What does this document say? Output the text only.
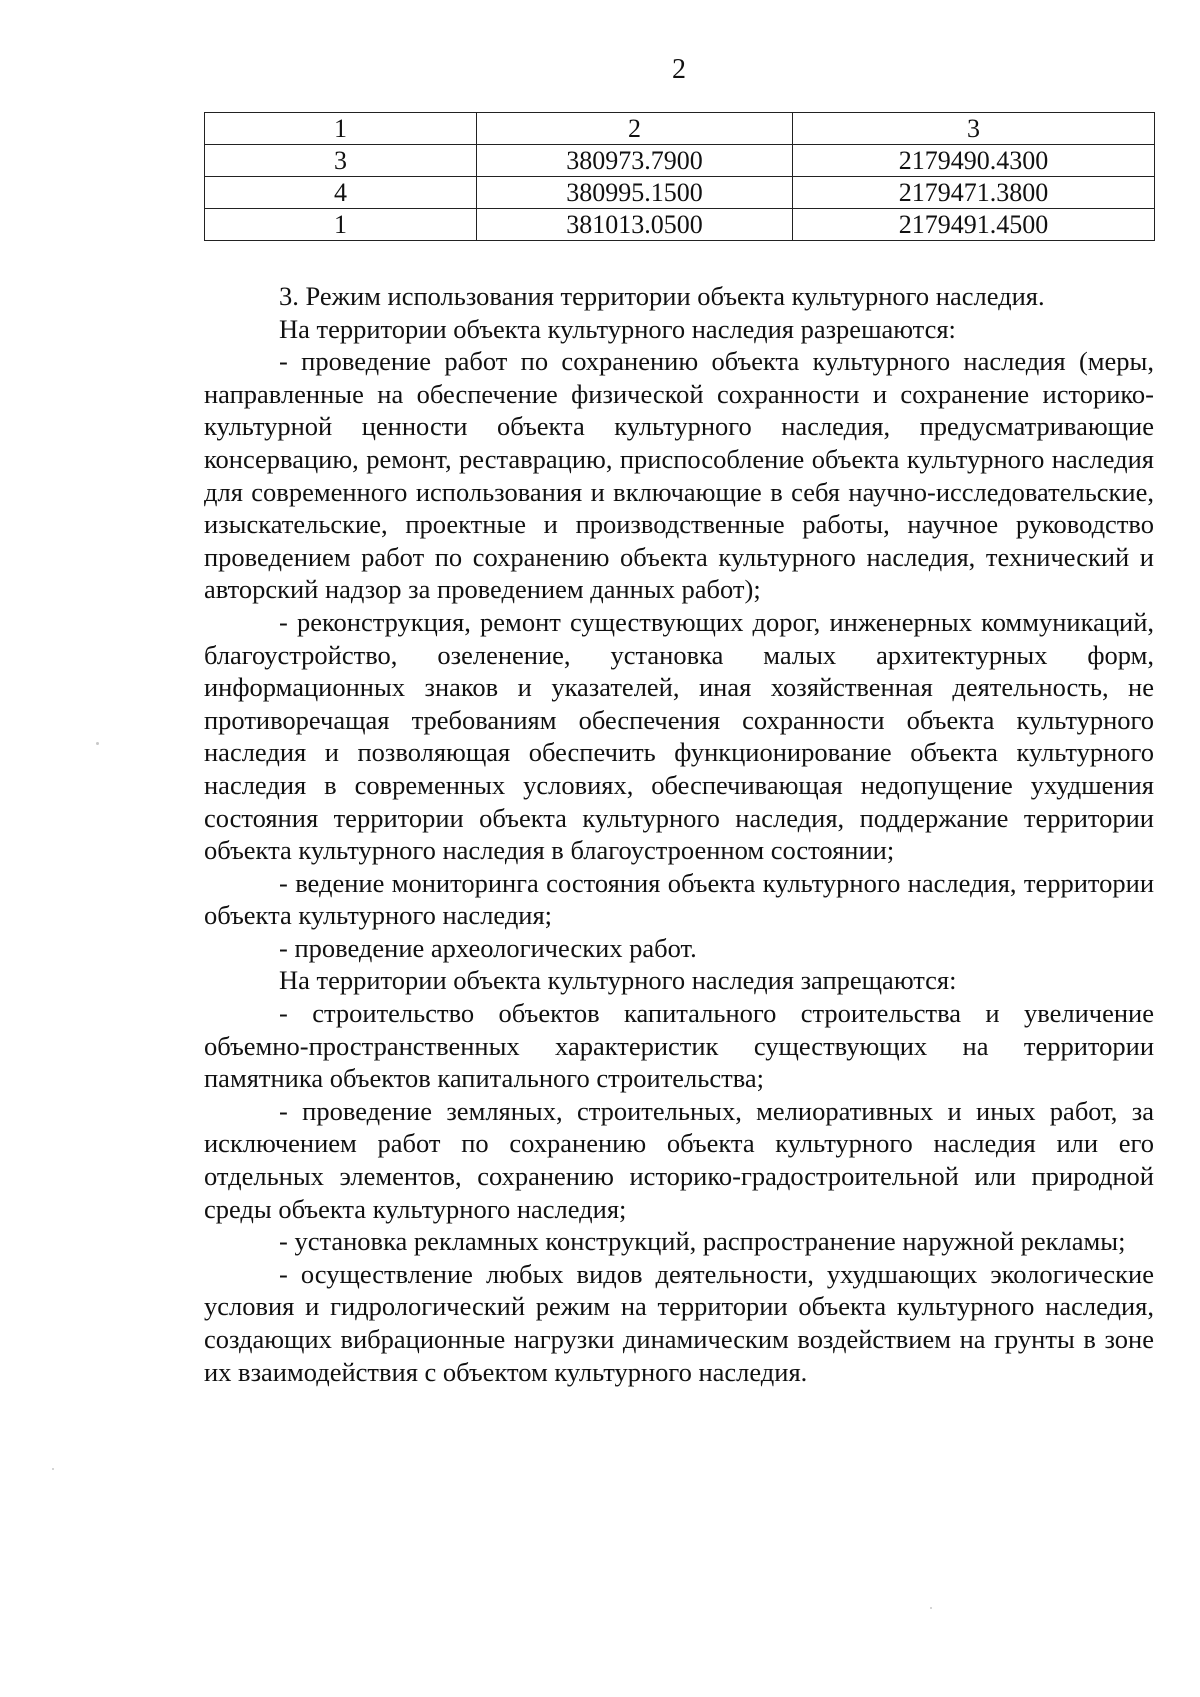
2
1	2	3
3	380973.7900	2179490.4300
4	380995.1500	2179471.3800
1	381013.0500	2179491.4500

3. Режим использования территории объекта культурного наследия.

На территории объекта культурного наследия разрешаются:

- проведение работ по сохранению объекта культурного наследия (меры, направленные на обеспечение физической сохранности и сохранение историко-культурной ценности объекта культурного наследия, предусматривающие консервацию, ремонт, реставрацию, приспособление объекта культурного наследия для современного использования и включающие в себя научно-исследовательские, изыскательские, проектные и производственные работы, научное руководство проведением работ по сохранению объекта культурного наследия, технический и авторский надзор за проведением данных работ);

- реконструкция, ремонт существующих дорог, инженерных коммуникаций, благоустройство, озеленение, установка малых архитектурных форм, информационных знаков и указателей, иная хозяйственная деятельность, не противоречащая требованиям обеспечения сохранности объекта культурного наследия и позволяющая обеспечить функционирование объекта культурного наследия в современных условиях, обеспечивающая недопущение ухудшения состояния территории объекта культурного наследия, поддержание территории объекта культурного наследия в благоустроенном состоянии;

- ведение мониторинга состояния объекта культурного наследия, территории объекта культурного наследия;

- проведение археологических работ.

На территории объекта культурного наследия запрещаются:

- строительство объектов капитального строительства и увеличение объемно-пространственных характеристик существующих на территории памятника объектов капитального строительства;

- проведение земляных, строительных, мелиоративных и иных работ, за исключением работ по сохранению объекта культурного наследия или его отдельных элементов, сохранению историко-градостроительной или природной среды объекта культурного наследия;

- установка рекламных конструкций, распространение наружной рекламы;

- осуществление любых видов деятельности, ухудшающих экологические условия и гидрологический режим на территории объекта культурного наследия, создающих вибрационные нагрузки динамическим воздействием на грунты в зоне их взаимодействия с объектом культурного наследия.
